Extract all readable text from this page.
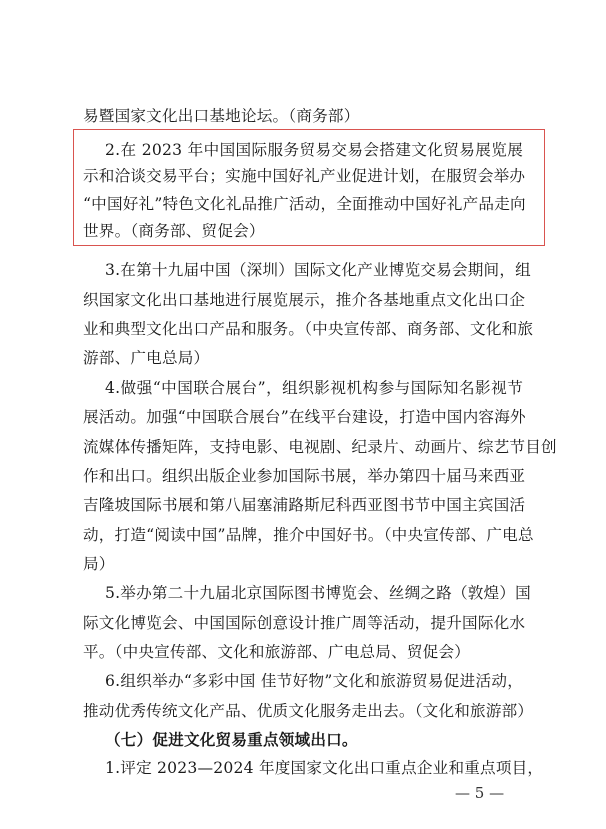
易暨国家文化出口基地论坛。（商务部）
2.在 2023 年中国国际服务贸易交易会搭建文化贸易展览展
示和洽谈交易平台；实施中国好礼产业促进计划，在服贸会举办
“中国好礼”特色文化礼品推广活动，全面推动中国好礼产品走向
世界。（商务部、贸促会）
3.在第十九届中国（深圳）国际文化产业博览交易会期间，组
织国家文化出口基地进行展览展示，推介各基地重点文化出口企
业和典型文化出口产品和服务。（中央宣传部、商务部、文化和旅
游部、广电总局）
4.做强“中国联合展台”，组织影视机构参与国际知名影视节
展活动。加强“中国联合展台”在线平台建设，打造中国内容海外
流媒体传播矩阵，支持电影、电视剧、纪录片、动画片、综艺节目创
作和出口。组织出版企业参加国际书展，举办第四十届马来西亚
吉隆坡国际书展和第八届塞浦路斯尼科西亚图书节中国主宾国活
动，打造“阅读中国”品牌，推介中国好书。（中央宣传部、广电总
局）
5.举办第二十九届北京国际图书博览会、丝绸之路（敦煌）国
际文化博览会、中国国际创意设计推广周等活动，提升国际化水
平。（中央宣传部、文化和旅游部、广电总局、贸促会）
6.组织举办“多彩中国 佳节好物”文化和旅游贸易促进活动，
推动优秀传统文化产品、优质文化服务走出去。（文化和旅游部）
（七）促进文化贸易重点领域出口。
1.评定 2023—2024 年度国家文化出口重点企业和重点项目，
— 5 —
